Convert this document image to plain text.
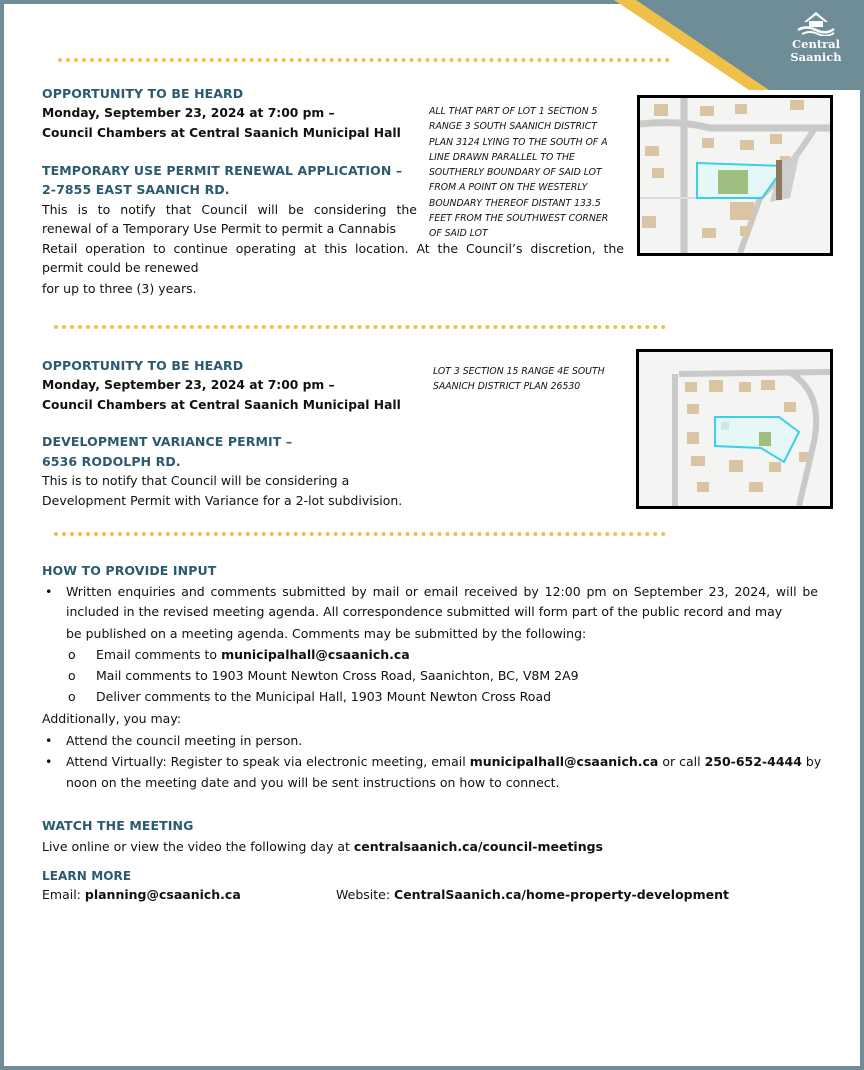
Central
Saanich
OPPORTUNITY TO BE HEARD
Monday, September 23, 2024 at 7:00 pm –
Council Chambers at Central Saanich Municipal Hall
TEMPORARY USE PERMIT RENEWAL APPLICATION –
2-7855 EAST SAANICH RD.
This is to notify that Council will be considering the
renewal of a Temporary Use Permit to permit a Cannabis
Retail operation to continue operating at this location. At the Council’s discretion, the
permit could be renewed
for up to three (3) years.
ALL THAT PART OF LOT 1 SECTION 5
RANGE 3 SOUTH SAANICH DISTRICT
PLAN 3124 LYING TO THE SOUTH OF A
LINE DRAWN PARALLEL TO THE
SOUTHERLY BOUNDARY OF SAID LOT
FROM A POINT ON THE WESTERLY
BOUNDARY THEREOF DISTANT 133.5
FEET FROM THE SOUTHWEST CORNER
OF SAID LOT
OPPORTUNITY TO BE HEARD
Monday, September 23, 2024 at 7:00 pm –
Council Chambers at Central Saanich Municipal Hall
DEVELOPMENT VARIANCE PERMIT –
6536 RODOLPH RD.
This is to notify that Council will be considering a
Development Permit with Variance for a 2-lot subdivision.
LOT 3 SECTION 15 RANGE 4E SOUTH
SAANICH DISTRICT PLAN 26530
HOW TO PROVIDE INPUT
• Written enquiries and comments submitted by mail or email received by 12:00 pm on September 23, 2024, will be
included in the revised meeting agenda. All correspondence submitted will form part of the public record and may
be published on a meeting agenda. Comments may be submitted by the following:
o Email comments to municipalhall@csaanich.ca
o Mail comments to 1903 Mount Newton Cross Road, Saanichton, BC, V8M 2A9
o Deliver comments to the Municipal Hall, 1903 Mount Newton Cross Road
Additionally, you may:
• Attend the council meeting in person.
• Attend Virtually: Register to speak via electronic meeting, email municipalhall@csaanich.ca or call 250-652-4444 by
noon on the meeting date and you will be sent instructions on how to connect.
WATCH THE MEETING
Live online or view the video the following day at centralsaanich.ca/council-meetings
LEARN MORE
Email: planning@csaanich.ca	Website: CentralSaanich.ca/home-property-development
